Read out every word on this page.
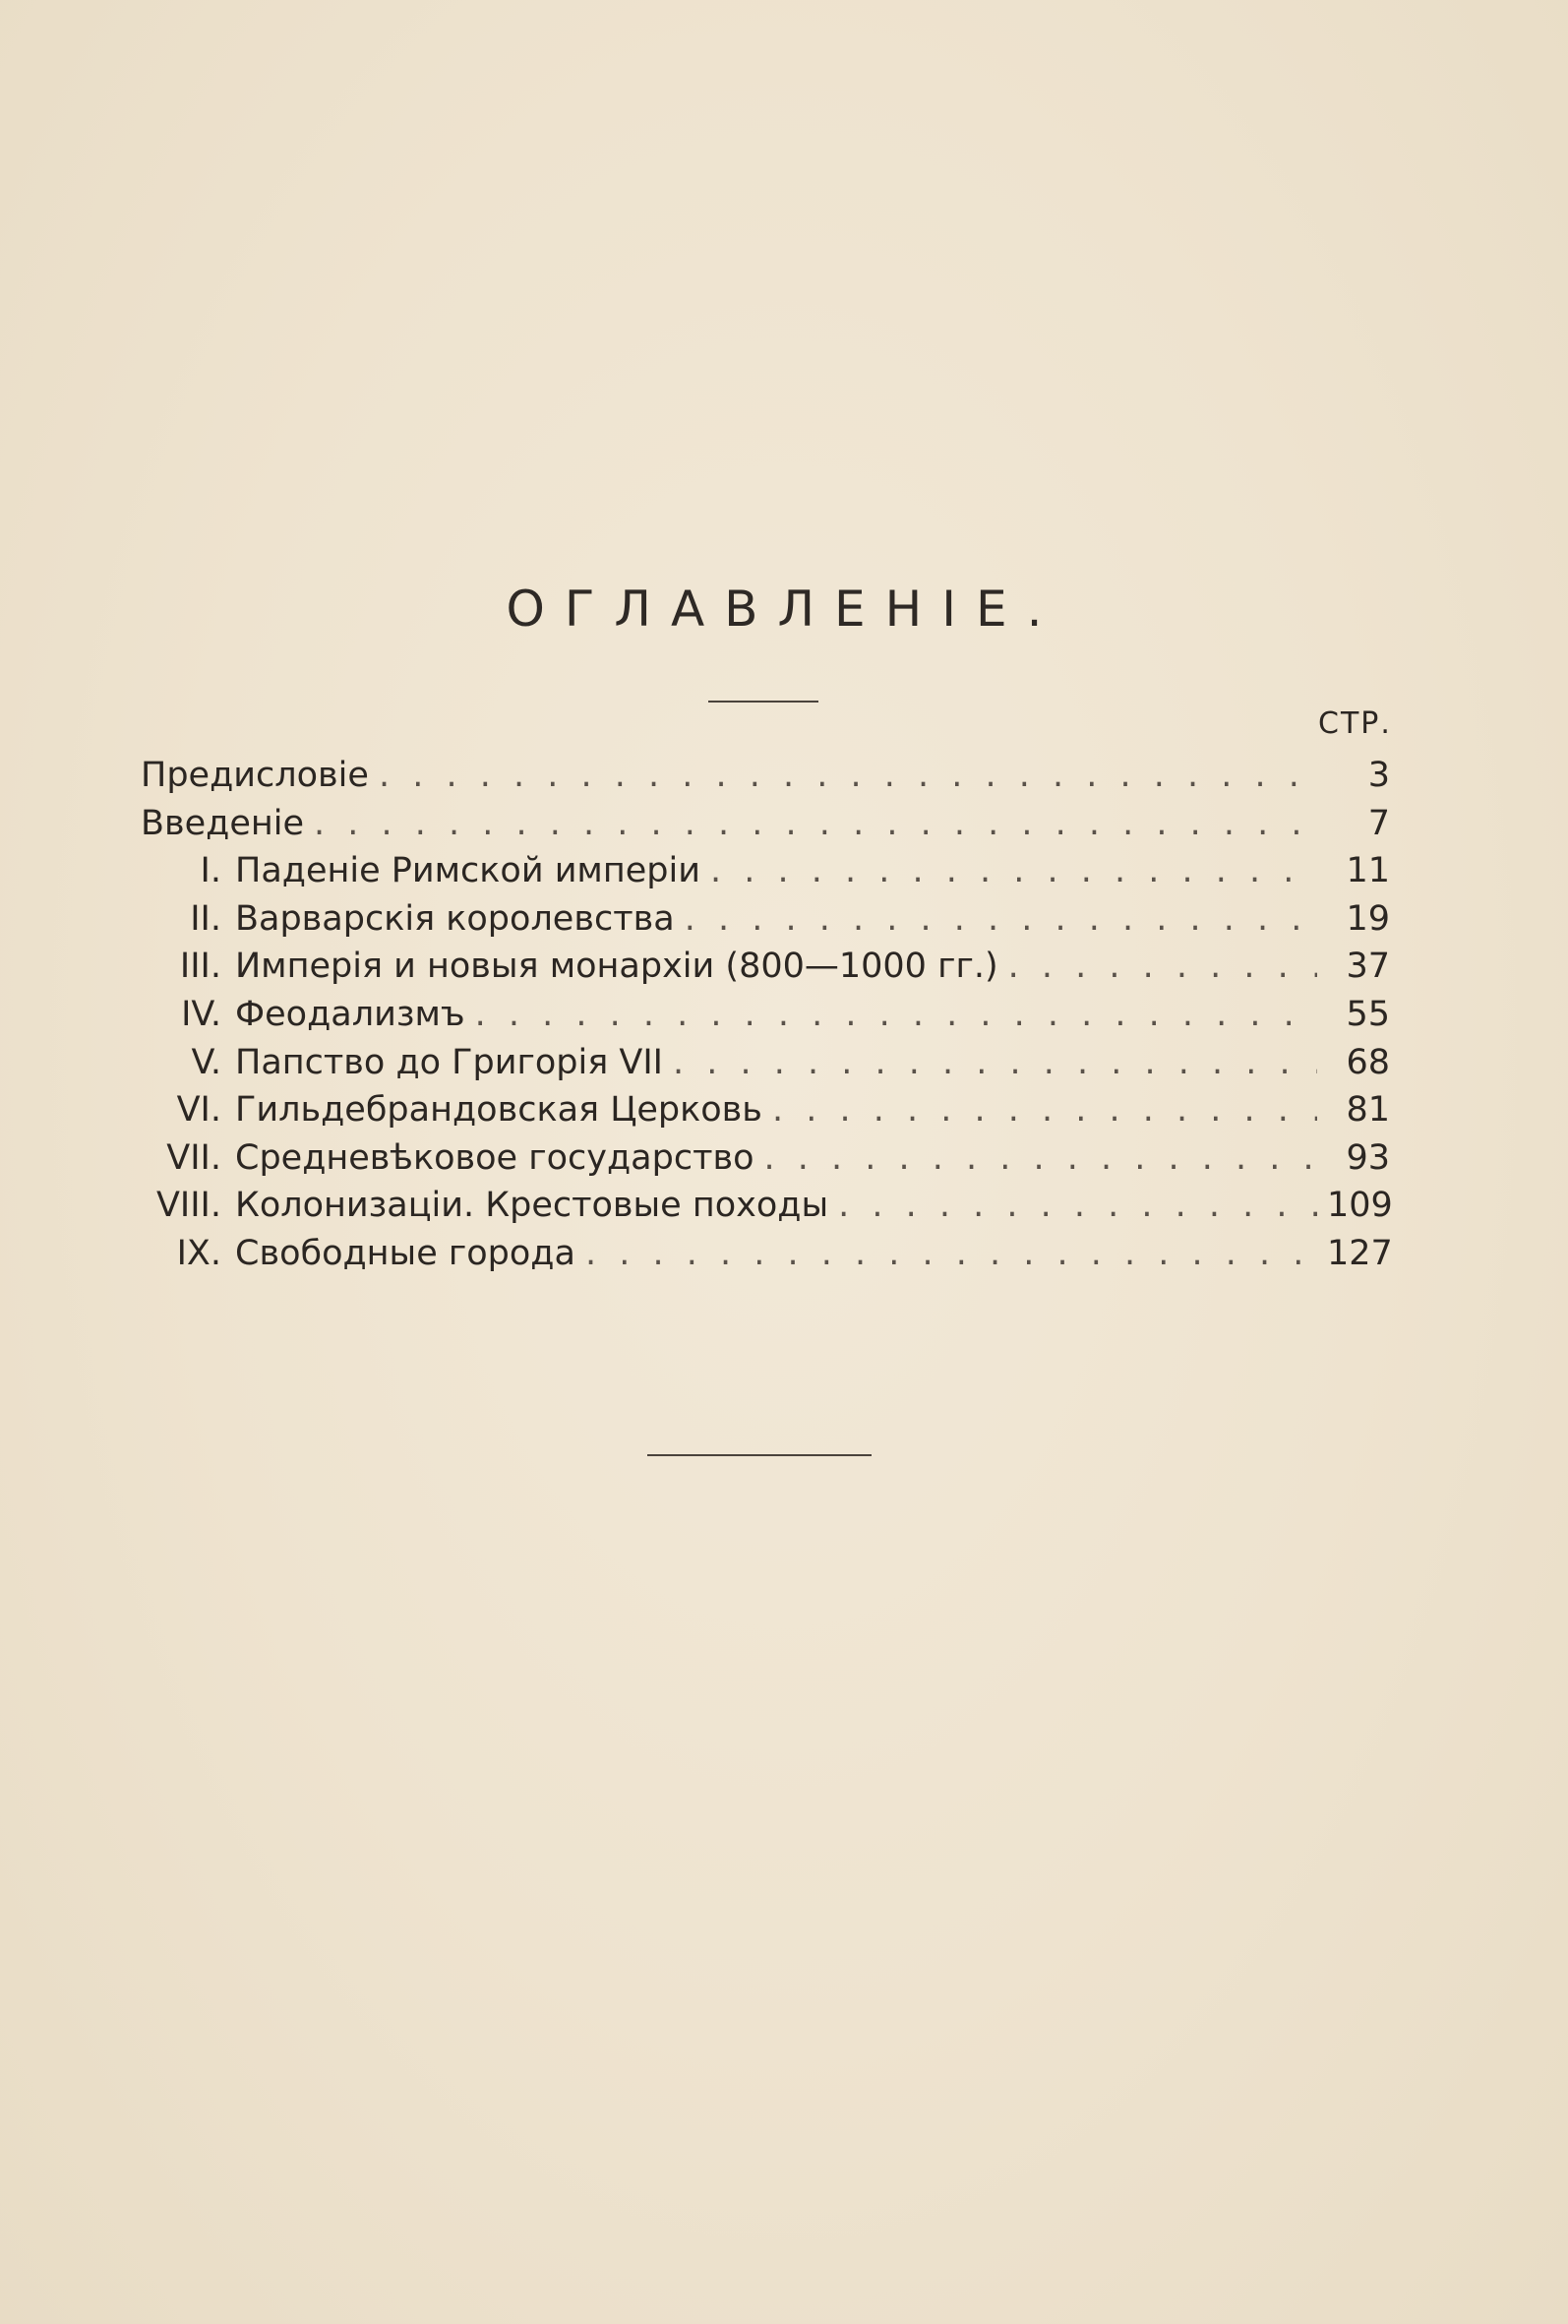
ОГЛАВЛЕНІЕ.
СТР.
Предисловіе . . .	3
Введеніе . . .	7
I. Паденіе Римской имперіи . . .	11
II. Варварскія королевства . . .	19
III. Имперія и новыя монархіи (800—1000 гг.) . . .	37
IV. Феодализмъ . . .	55
V. Папство до Григорія VII . . .	68
VI. Гильдебрандовская Церковь . . .	81
VII. Средневѣковое государство . . .	93
VIII. Колонизаціи. Крестовые походы . . .	109
IX. Свободные города . . .	127
